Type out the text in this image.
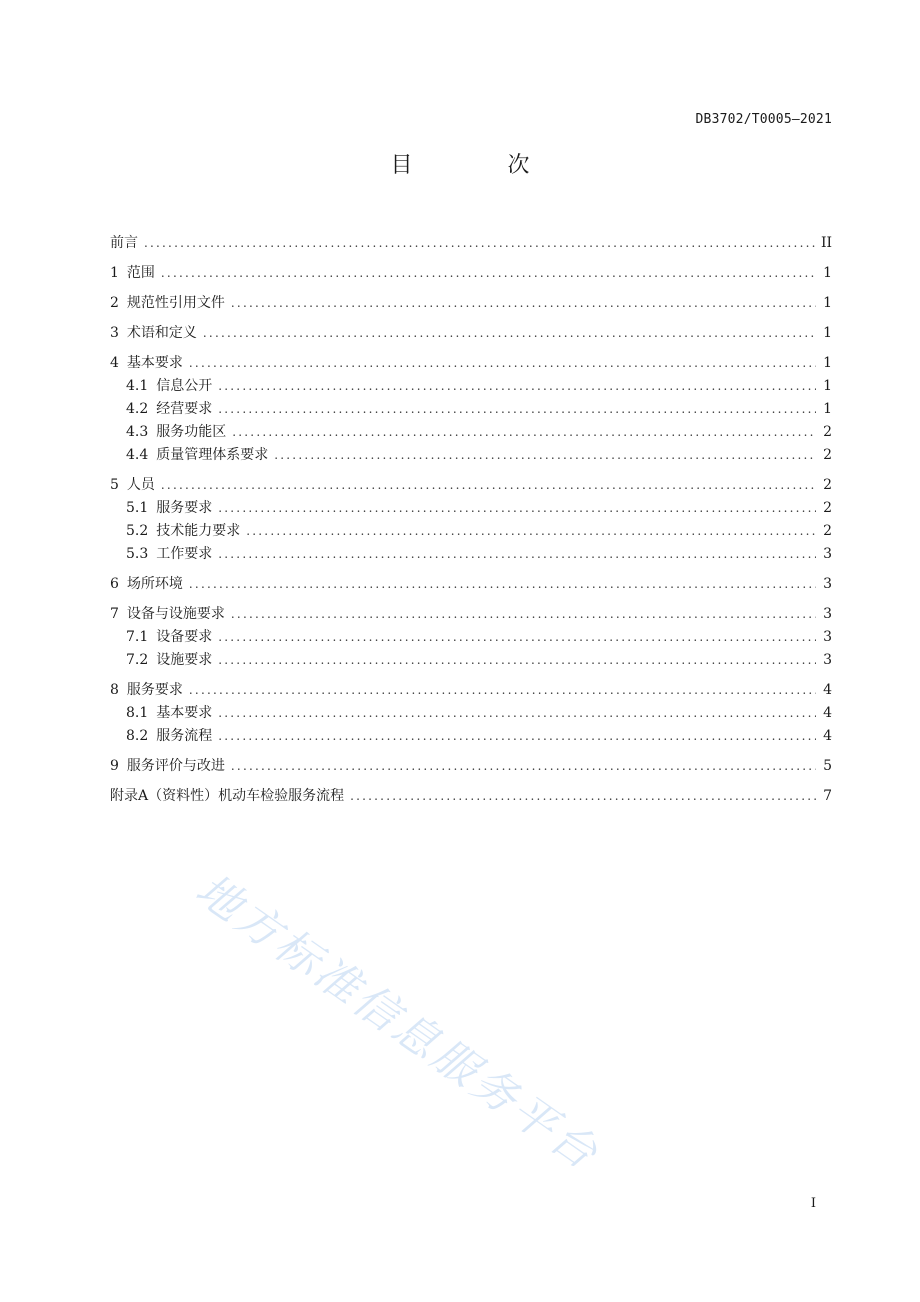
DB3702/T0005—2021
目 次
前言 .....	II
1 范围 .....	1
2 规范性引用文件 .....	1
3 术语和定义 .....	1
4 基本要求 .....	1
4.1 信息公开 .....	1
4.2 经营要求 .....	1
4.3 服务功能区 .....	2
4.4 质量管理体系要求 .....	2
5 人员 .....	2
5.1 服务要求 .....	2
5.2 技术能力要求 .....	2
5.3 工作要求 .....	3
6 场所环境 .....	3
7 设备与设施要求 .....	3
7.1 设备要求 .....	3
7.2 设施要求 .....	3
8 服务要求 .....	4
8.1 基本要求 .....	4
8.2 服务流程 .....	4
9 服务评价与改进 .....	5
附录A（资料性）机动车检验服务流程 .....	7
地方标准信息服务平台
I
